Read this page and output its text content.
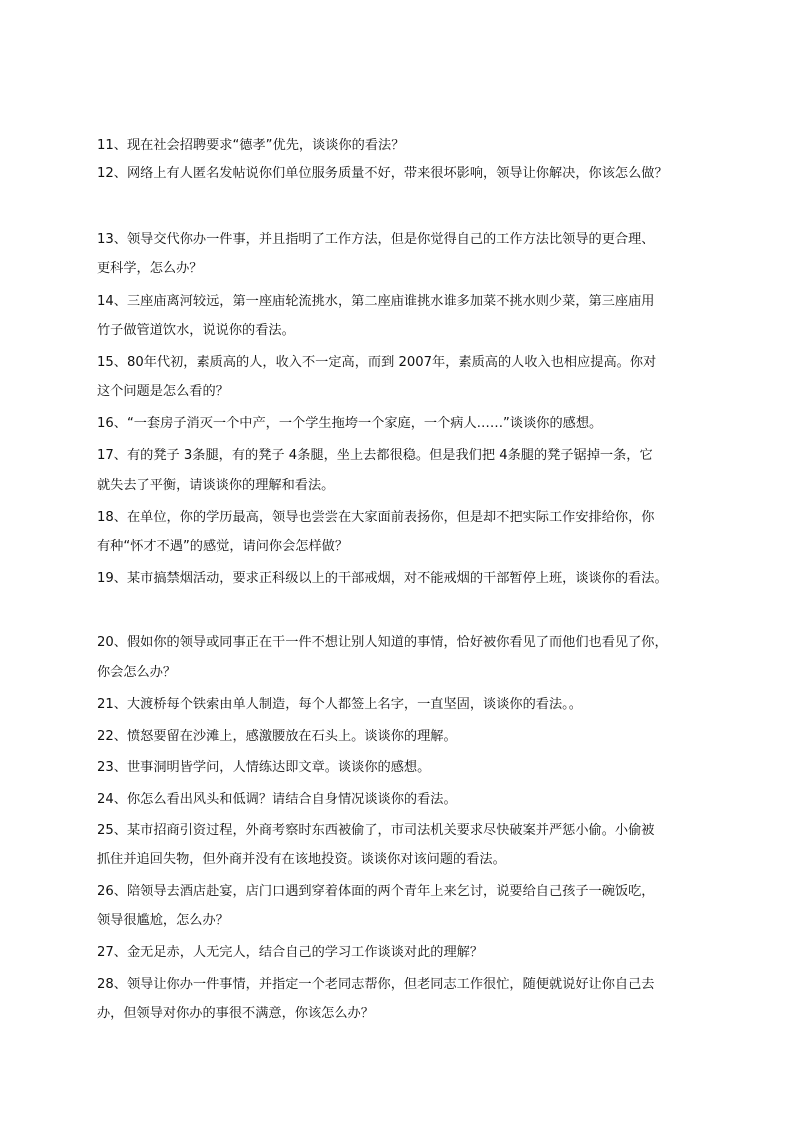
11、现在社会招聘要求“德孝”优先，谈谈你的看法？
12、网络上有人匿名发帖说你们单位服务质量不好，带来很坏影响，领导让你解决，你该怎么做？
13、领导交代你办一件事，并且指明了工作方法，但是你觉得自己的工作方法比领导的更合理、
更科学，怎么办？
14、三座庙离河较远，第一座庙轮流挑水，第二座庙谁挑水谁多加菜不挑水则少菜，第三座庙用
竹子做管道饮水，说说你的看法。
15、80年代初，素质高的人，收入不一定高，而到 2007年，素质高的人收入也相应提高。你对
这个问题是怎么看的？
16、“一套房子消灭一个中产，一个学生拖垮一个家庭，一个病人……”谈谈你的感想。
17、有的凳子 3条腿，有的凳子 4条腿，坐上去都很稳。但是我们把 4条腿的凳子锯掉一条，它
就失去了平衡，请谈谈你的理解和看法。
18、在单位，你的学历最高，领导也尝尝在大家面前表扬你，但是却不把实际工作安排给你，你
有种“怀才不遇”的感觉，请问你会怎样做？
19、某市搞禁烟活动，要求正科级以上的干部戒烟，对不能戒烟的干部暂停上班，谈谈你的看法。
20、假如你的领导或同事正在干一件不想让别人知道的事情，恰好被你看见了而他们也看见了你，
你会怎么办？
21、大渡桥每个铁索由单人制造，每个人都签上名字，一直坚固，谈谈你的看法。。
22、愤怒要留在沙滩上，感激腰放在石头上。谈谈你的理解。
23、世事洞明皆学问，人情练达即文章。谈谈你的感想。
24、你怎么看出风头和低调？请结合自身情况谈谈你的看法。
25、某市招商引资过程，外商考察时东西被偷了，市司法机关要求尽快破案并严惩小偷。小偷被
抓住并追回失物，但外商并没有在该地投资。谈谈你对该问题的看法。
26、陪领导去酒店赴宴，店门口遇到穿着体面的两个青年上来乞讨，说要给自己孩子一碗饭吃，
领导很尴尬，怎么办？
27、金无足赤，人无完人，结合自己的学习工作谈谈对此的理解？
28、领导让你办一件事情，并指定一个老同志帮你，但老同志工作很忙，随便就说好让你自己去
办，但领导对你办的事很不满意，你该怎么办？
